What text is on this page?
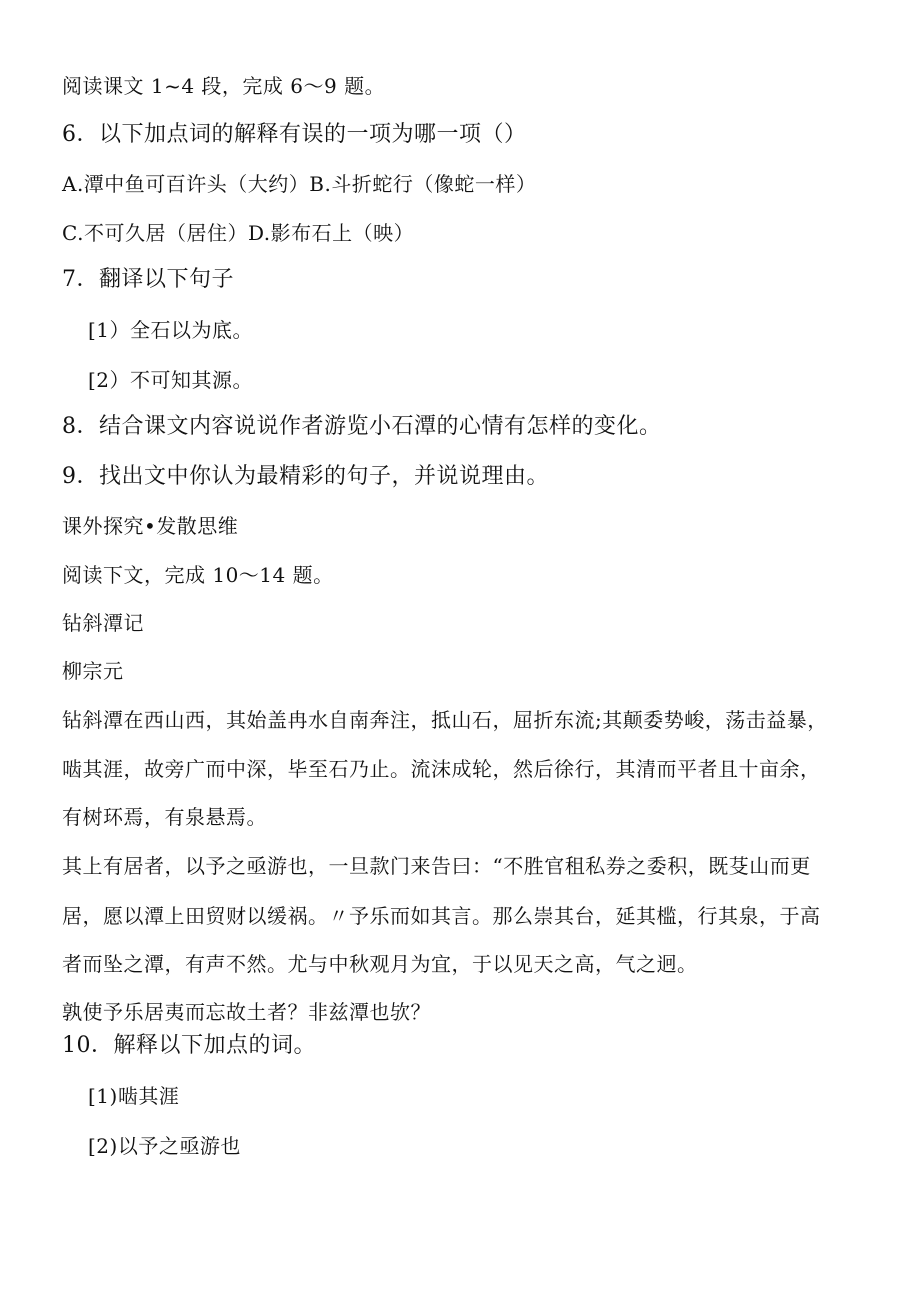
阅读课文 1~4 段，完成 6～9 题。
6．以下加点词的解释有误的一项为哪一项（）
A.潭中鱼可百许头（大约）B.斗折蛇行（像蛇一样）
C.不可久居（居住）D.影布石上（映）
7．翻译以下句子
[1）全石以为底。
[2）不可知其源。
8．结合课文内容说说作者游览小石潭的心情有怎样的变化。
9．找出文中你认为最精彩的句子，并说说理由。
课外探究•发散思维
阅读下文，完成 10～14 题。
钻斜潭记
柳宗元
钻斜潭在西山西，其始盖冉水自南奔注，抵山石，屈折东流;其颠委势峻，荡击益暴，
啮其涯，故旁广而中深，毕至石乃止。流沫成轮，然后徐行，其清而平者且十亩余，
有树环焉，有泉悬焉。
其上有居者，以予之亟游也，一旦款门来告曰：“不胜官租私券之委积，既芟山而更
居，愿以潭上田贸财以缓祸。〃予乐而如其言。那么崇其台，延其槛，行其泉，于高
者而坠之潭，有声不然。尤与中秋观月为宜，于以见天之高，气之迥。
孰使予乐居夷而忘故土者？非兹潭也欤？
10．解释以下加点的词。
[1)啮其涯
[2)以予之亟游也
